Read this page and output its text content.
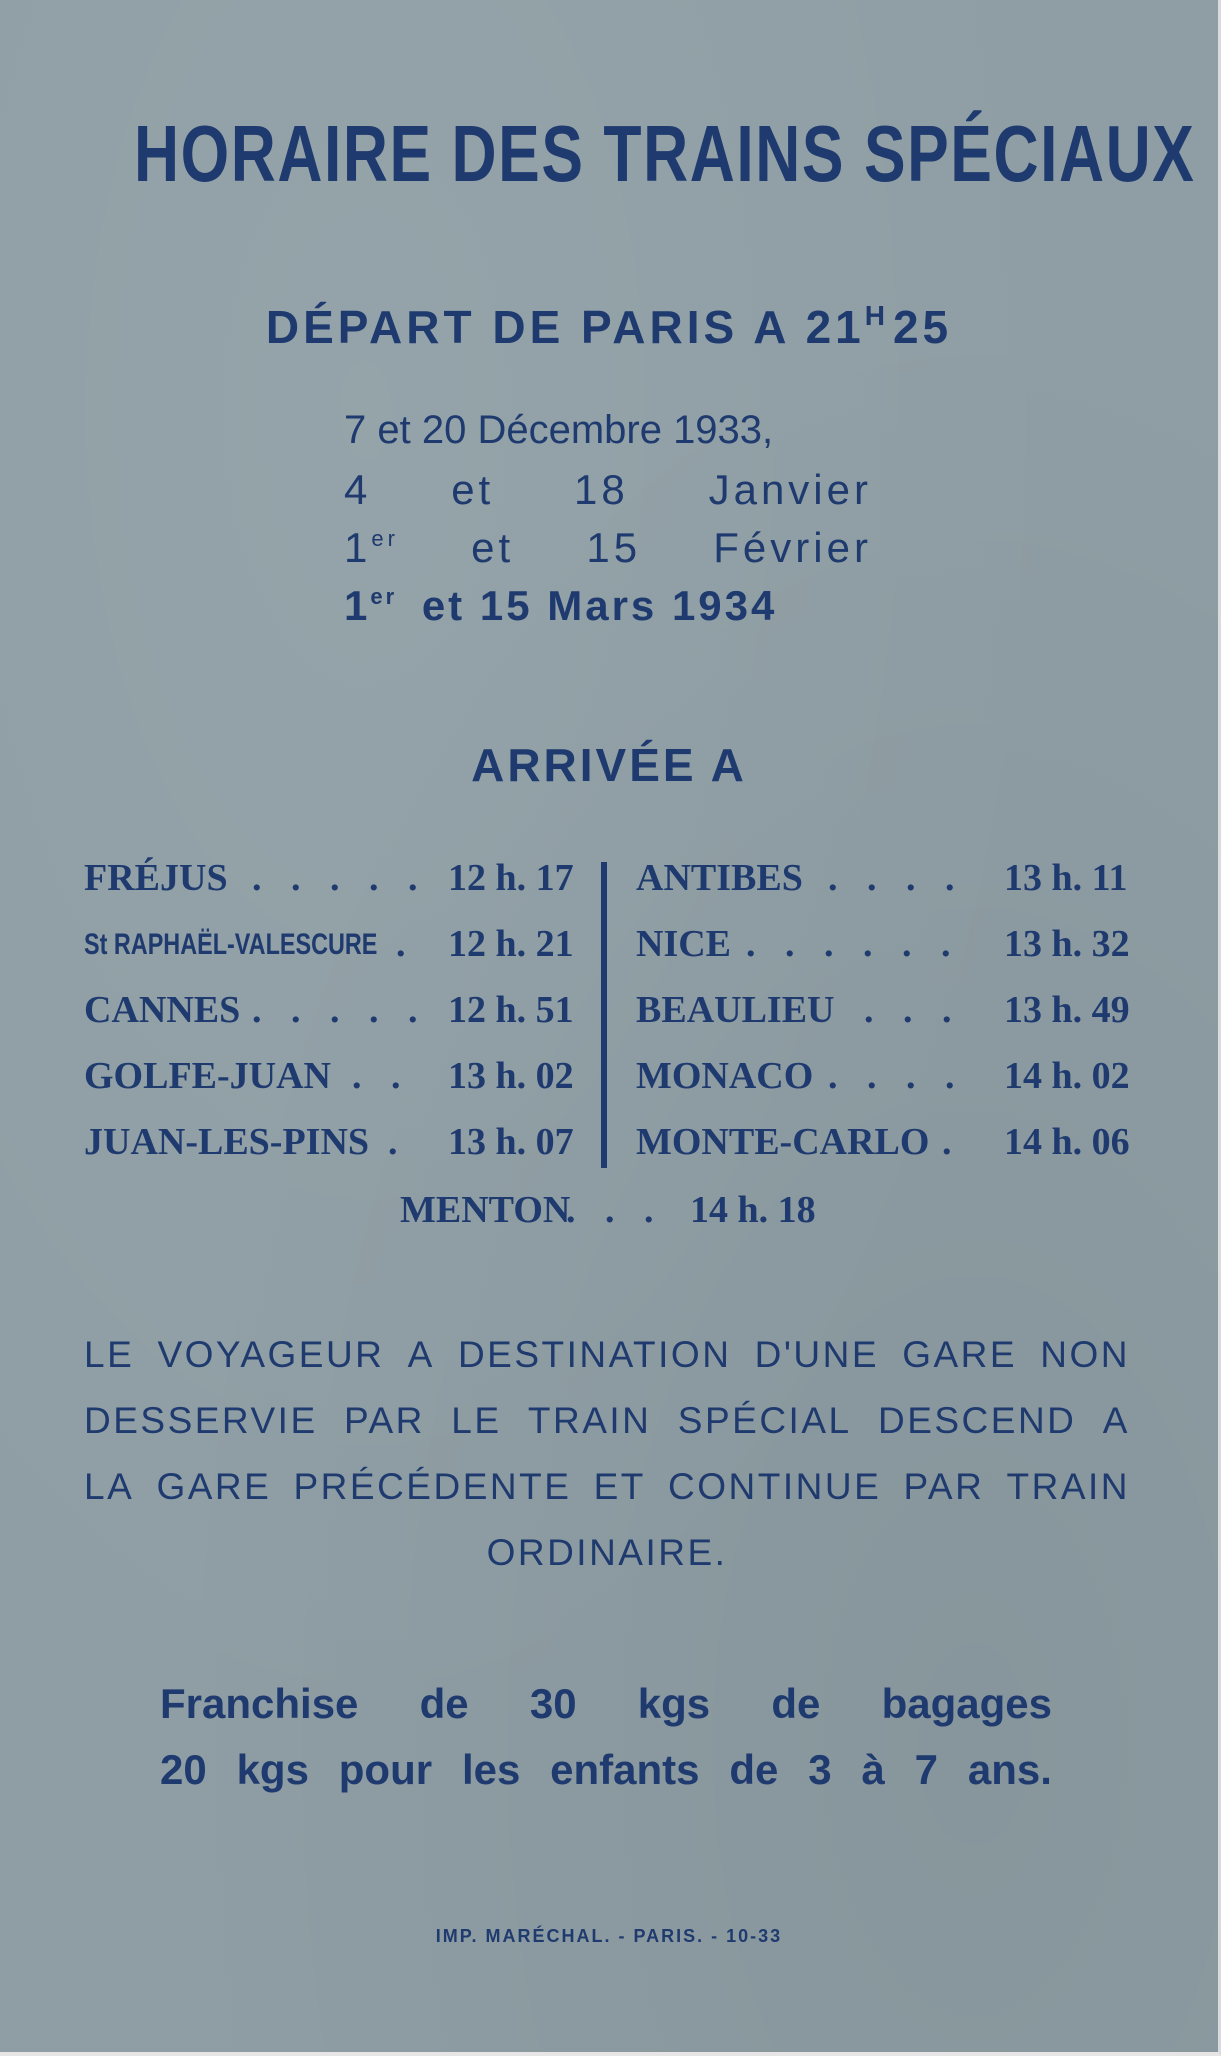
HORAIRE DES TRAINS SPÉCIAUX
DÉPART DE PARIS A $21^H25$
7 et 20 Décembre 1933,
4 et 18 Janvier
1er et 15 Février
1er et 15 Mars 1934
ARRIVÉE A
FRÉJUS . . . . . 12 h. 17
St RAPHAËL-VALESCURE . 12 h. 21
CANNES . . . . . 12 h. 51
GOLFE-JUAN . . 13 h. 02
JUAN-LES-PINS . 13 h. 07
ANTIBES . . . . 13 h. 11
NICE . . . . . . 13 h. 32
BEAULIEU . . . 13 h. 49
MONACO . . . . 14 h. 02
MONTE-CARLO . 14 h. 06
MENTON
. . . 14 h. 18
LE VOYAGEUR A DESTINATION D'UNE GARE NON
DESSERVIE PAR LE TRAIN SPÉCIAL DESCEND A
LA GARE PRÉCÉDENTE ET CONTINUE PAR TRAIN
ORDINAIRE.
Franchise de 30 kgs de bagages
20 kgs pour les enfants de 3 à 7 ans.
IMP. MARÉCHAL. - PARIS. - 10-33
